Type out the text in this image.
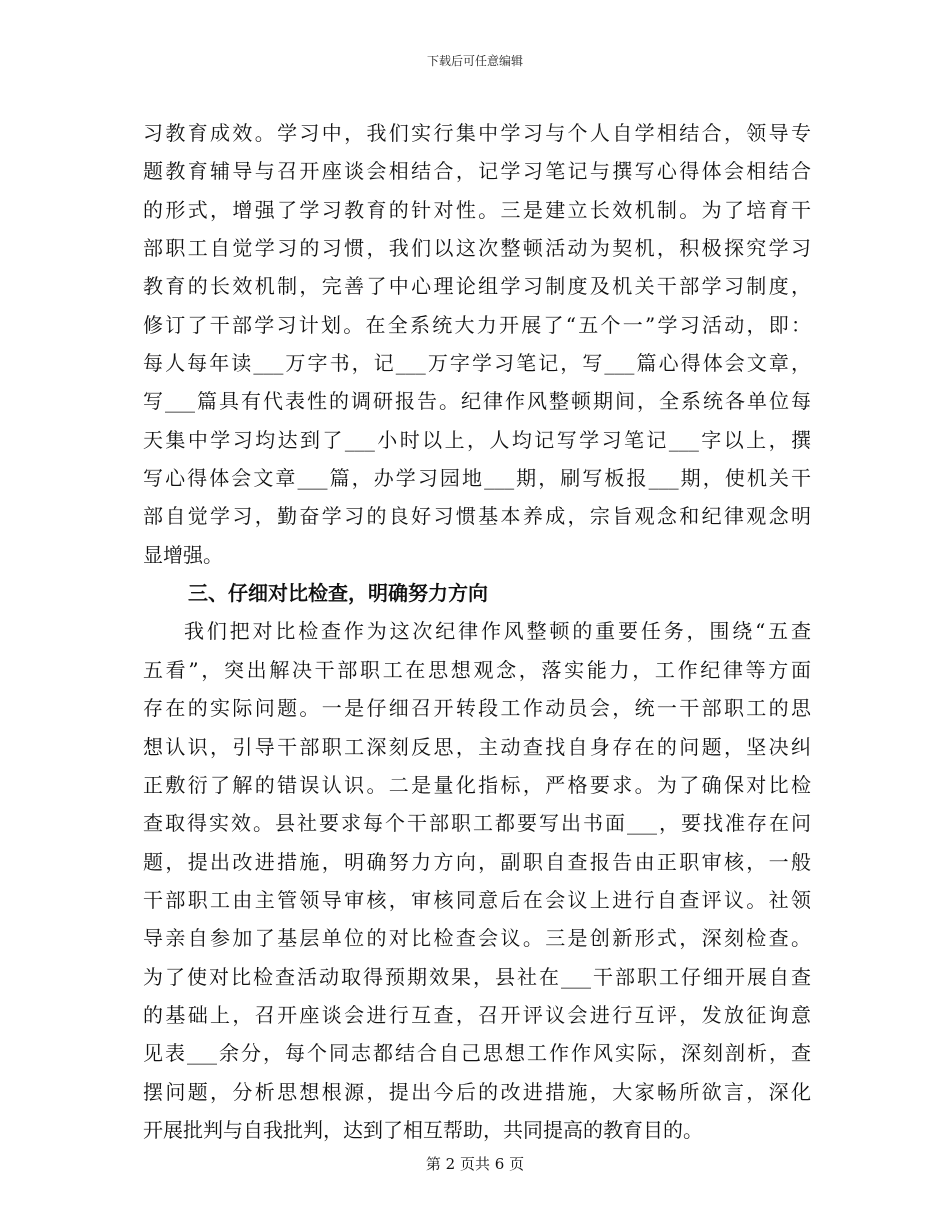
下载后可任意编辑
习教育成效。学习中，我们实行集中学习与个人自学相结合，领导专
题教育辅导与召开座谈会相结合，记学习笔记与撰写心得体会相结合
的形式，增强了学习教育的针对性。三是建立长效机制。为了培育干
部职工自觉学习的习惯，我们以这次整顿活动为契机，积极探究学习
教育的长效机制，完善了中心理论组学习制度及机关干部学习制度，
修订了干部学习计划。在全系统大力开展了“五个一”学习活动，即：
每人每年读___万字书，记___万字学习笔记，写___篇心得体会文章，
写___篇具有代表性的调研报告。纪律作风整顿期间，全系统各单位每
天集中学习均达到了___小时以上，人均记写学习笔记___字以上，撰
写心得体会文章___篇，办学习园地___期，刷写板报___期，使机关干
部自觉学习，勤奋学习的良好习惯基本养成，宗旨观念和纪律观念明
显增强。
三、仔细对比检查，明确努力方向
我们把对比检查作为这次纪律作风整顿的重要任务，围绕“五查
五看”，突出解决干部职工在思想观念，落实能力，工作纪律等方面
存在的实际问题。一是仔细召开转段工作动员会，统一干部职工的思
想认识，引导干部职工深刻反思，主动查找自身存在的问题，坚决纠
正敷衍了解的错误认识。二是量化指标，严格要求。为了确保对比检
查取得实效。县社要求每个干部职工都要写出书面___，要找准存在问
题，提出改进措施，明确努力方向，副职自查报告由正职审核，一般
干部职工由主管领导审核，审核同意后在会议上进行自查评议。社领
导亲自参加了基层单位的对比检查会议。三是创新形式，深刻检查。
为了使对比检查活动取得预期效果，县社在___干部职工仔细开展自查
的基础上，召开座谈会进行互查，召开评议会进行互评，发放征询意
见表___余分，每个同志都结合自己思想工作作风实际，深刻剖析，查
摆问题，分析思想根源，提出今后的改进措施，大家畅所欲言，深化
开展批判与自我批判，达到了相互帮助，共同提高的教育目的。
第 2 页共 6 页
